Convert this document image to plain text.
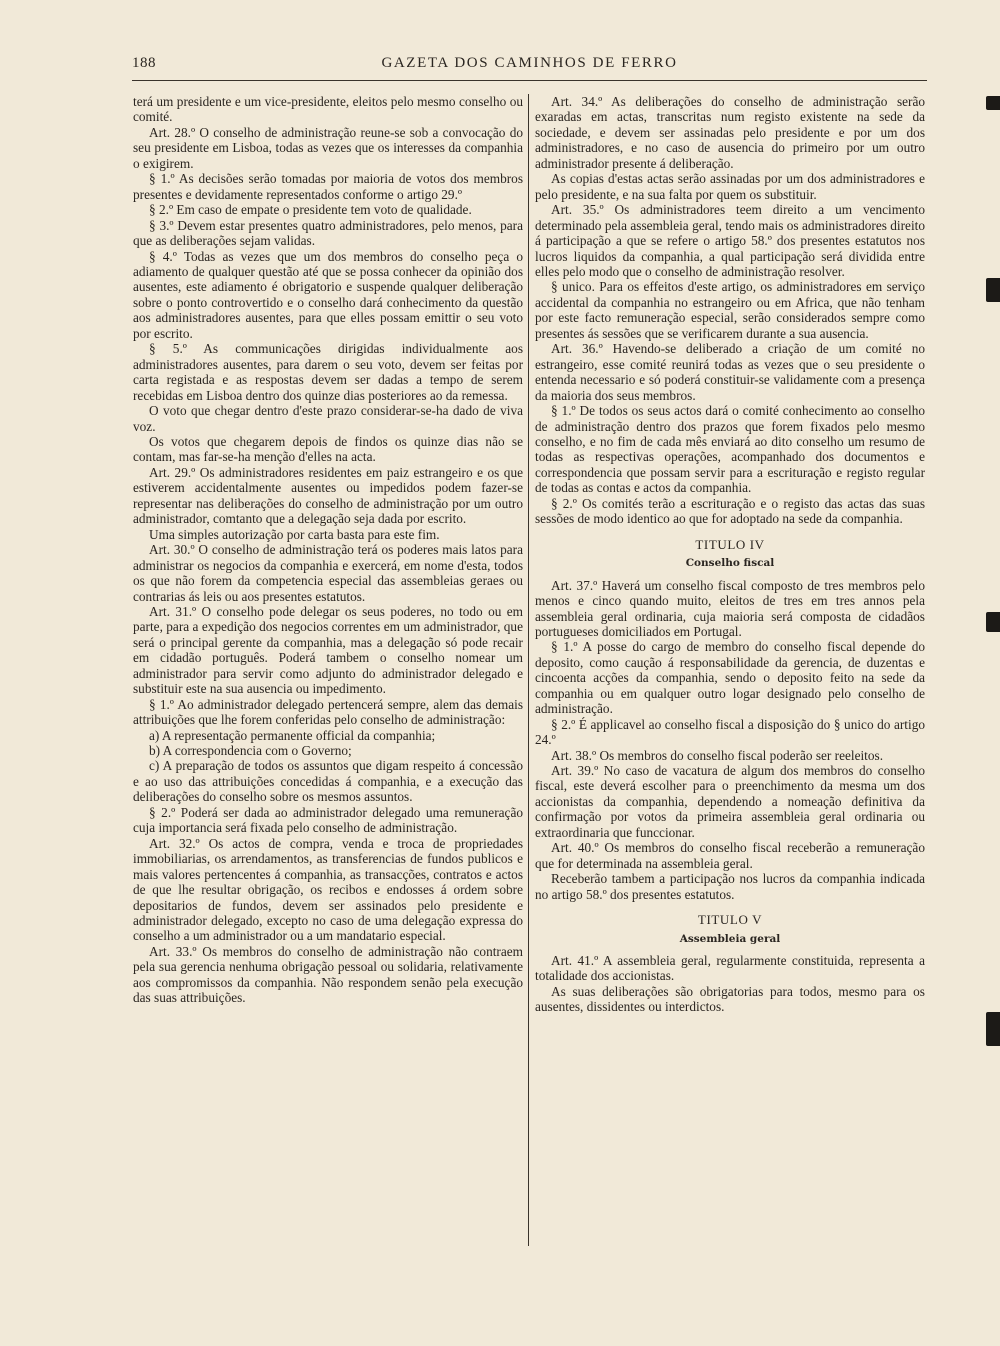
188	GAZETA DOS CAMINHOS DE FERRO

terá um presidente e um vice-presidente, eleitos pelo mesmo conselho ou comité.

Art. 28.º O conselho de administração reune-se sob a convocação do seu presidente em Lisboa, todas as vezes que os interesses da companhia o exigirem.

§ 1.º As decisões serão tomadas por maioria de votos dos membros presentes e devidamente representados conforme o artigo 29.º

§ 2.º Em caso de empate o presidente tem voto de qualidade.

§ 3.º Devem estar presentes quatro administradores, pelo menos, para que as deliberações sejam validas.

§ 4.º Todas as vezes que um dos membros do conselho peça o adiamento de qualquer questão até que se possa conhecer da opinião dos ausentes, este adiamento é obrigatorio e suspende qualquer deliberação sobre o ponto controvertido e o conselho dará conhecimento da questão aos administradores ausentes, para que elles possam emittir o seu voto por escrito.

§ 5.º As communicações dirigidas individualmente aos administradores ausentes, para darem o seu voto, devem ser feitas por carta registada e as respostas devem ser dadas a tempo de serem recebidas em Lisboa dentro dos quinze dias posteriores ao da remessa.

O voto que chegar dentro d'este prazo considerar-se-ha dado de viva voz.

Os votos que chegarem depois de findos os quinze dias não se contam, mas far-se-ha menção d'elles na acta.

Art. 29.º Os administradores residentes em paiz estrangeiro e os que estiverem accidentalmente ausentes ou impedidos podem fazer-se representar nas deliberações do conselho de administração por um outro administrador, comtanto que a delegação seja dada por escrito.

Uma simples autorização por carta basta para este fim.

Art. 30.º O conselho de administração terá os poderes mais latos para administrar os negocios da companhia e exercerá, em nome d'esta, todos os que não forem da competencia especial das assembleias geraes ou contrarias ás leis ou aos presentes estatutos.

Art. 31.º O conselho pode delegar os seus poderes, no todo ou em parte, para a expedição dos negocios correntes em um administrador, que será o principal gerente da companhia, mas a delegação só pode recair em cidadão português. Poderá tambem o conselho nomear um administrador para servir como adjunto do administrador delegado e substituir este na sua ausencia ou impedimento.

§ 1.º Ao administrador delegado pertencerá sempre, alem das demais attribuições que lhe forem conferidas pelo conselho de administração:

a) A representação permanente official da companhia;

b) A correspondencia com o Governo;

c) A preparação de todos os assuntos que digam respeito á concessão e ao uso das attribuições concedidas á companhia, e a execução das deliberações do conselho sobre os mesmos assuntos.

§ 2.º Poderá ser dada ao administrador delegado uma remuneração cuja importancia será fixada pelo conselho de administração.

Art. 32.º Os actos de compra, venda e troca de propriedades immobiliarias, os arrendamentos, as transferencias de fundos publicos e mais valores pertencentes á companhia, as transacções, contratos e actos de que lhe resultar obrigação, os recibos e endosses á ordem sobre depositarios de fundos, devem ser assinados pelo presidente e administrador delegado, excepto no caso de uma delegação expressa do conselho a um administrador ou a um mandatario especial.

Art. 33.º Os membros do conselho de administração não contraem pela sua gerencia nenhuma obrigação pessoal ou solidaria, relativamente aos compromissos da companhia. Não respondem senão pela execução das suas attribuições.

Art. 34.º As deliberações do conselho de administração serão exaradas em actas, transcritas num registo existente na sede da sociedade, e devem ser assinadas pelo presidente e por um dos administradores, e no caso de ausencia do primeiro por um outro administrador presente á deliberação.

As copias d'estas actas serão assinadas por um dos administradores e pelo presidente, e na sua falta por quem os substituir.

Art. 35.º Os administradores teem direito a um vencimento determinado pela assembleia geral, tendo mais os administradores direito á participação a que se refere o artigo 58.º dos presentes estatutos nos lucros liquidos da companhia, a qual participação será dividida entre elles pelo modo que o conselho de administração resolver.

§ unico. Para os effeitos d'este artigo, os administradores em serviço accidental da companhia no estrangeiro ou em Africa, que não tenham por este facto remuneração especial, serão considerados sempre como presentes ás sessões que se verificarem durante a sua ausencia.

Art. 36.º Havendo-se deliberado a criação de um comité no estrangeiro, esse comité reunirá todas as vezes que o seu presidente o entenda necessario e só poderá constituir-se validamente com a presença da maioria dos seus membros.

§ 1.º De todos os seus actos dará o comité conhecimento ao conselho de administração dentro dos prazos que forem fixados pelo mesmo conselho, e no fim de cada mês enviará ao dito conselho um resumo de todas as respectivas operações, acompanhado dos documentos e correspondencia que possam servir para a escrituração e registo regular de todas as contas e actos da companhia.

§ 2.º Os comités terão a escrituração e o registo das actas das suas sessões de modo identico ao que for adoptado na sede da companhia.

TITULO IV

Conselho fiscal

Art. 37.º Haverá um conselho fiscal composto de tres membros pelo menos e cinco quando muito, eleitos de tres em tres annos pela assembleia geral ordinaria, cuja maioria será composta de cidadãos portugueses domiciliados em Portugal.

§ 1.º A posse do cargo de membro do conselho fiscal depende do deposito, como caução á responsabilidade da gerencia, de duzentas e cincoenta acções da companhia, sendo o deposito feito na sede da companhia ou em qualquer outro logar designado pelo conselho de administração.

§ 2.º É applicavel ao conselho fiscal a disposição do § unico do artigo 24.º

Art. 38.º Os membros do conselho fiscal poderão ser reeleitos.

Art. 39.º No caso de vacatura de algum dos membros do conselho fiscal, este deverá escolher para o preenchimento da mesma um dos accionistas da companhia, dependendo a nomeação definitiva da confirmação por votos da primeira assembleia geral ordinaria ou extraordinaria que funccionar.

Art. 40.º Os membros do conselho fiscal receberão a remuneração que for determinada na assembleia geral.

Receberão tambem a participação nos lucros da companhia indicada no artigo 58.º dos presentes estatutos.

TITULO V

Assembleia geral

Art. 41.º A assembleia geral, regularmente constituida, representa a totalidade dos accionistas.

As suas deliberações são obrigatorias para todos, mesmo para os ausentes, dissidentes ou interdictos.
